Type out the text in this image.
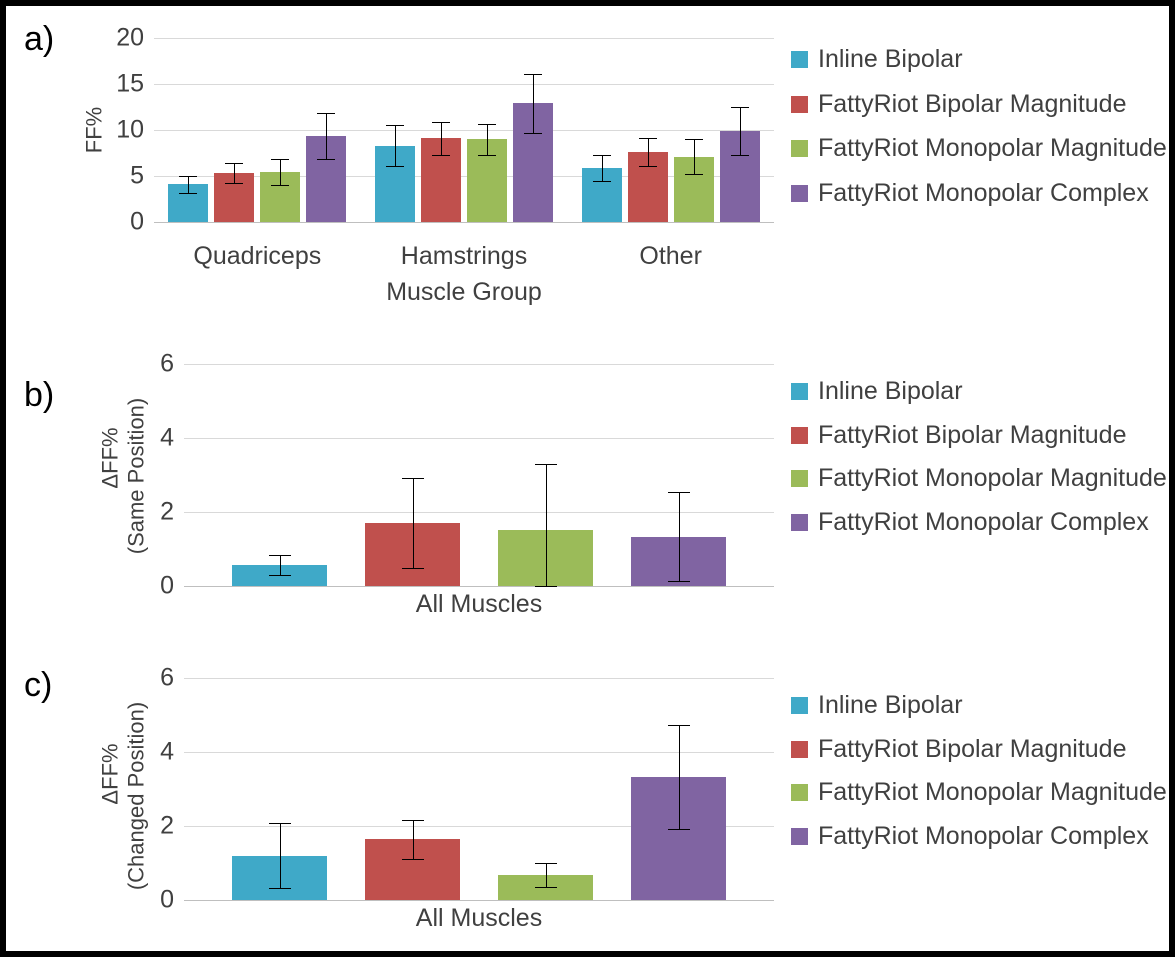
a)
0
5
10
15
20
FF%
Muscle Group
Quadriceps	Hamstrings	Other
Inline Bipolar
FattyRiot Bipolar Magnitude
FattyRiot Monopolar Magnitude
FattyRiot Monopolar Complex
b)
0
2
4
6
ΔFF% (Same Position)
All Muscles
Inline Bipolar
FattyRiot Bipolar Magnitude
FattyRiot Monopolar Magnitude
FattyRiot Monopolar Complex
c)
0
2
4
6
ΔFF% (Changed Position)
All Muscles
Inline Bipolar
FattyRiot Bipolar Magnitude
FattyRiot Monopolar Magnitude
FattyRiot Monopolar Complex
